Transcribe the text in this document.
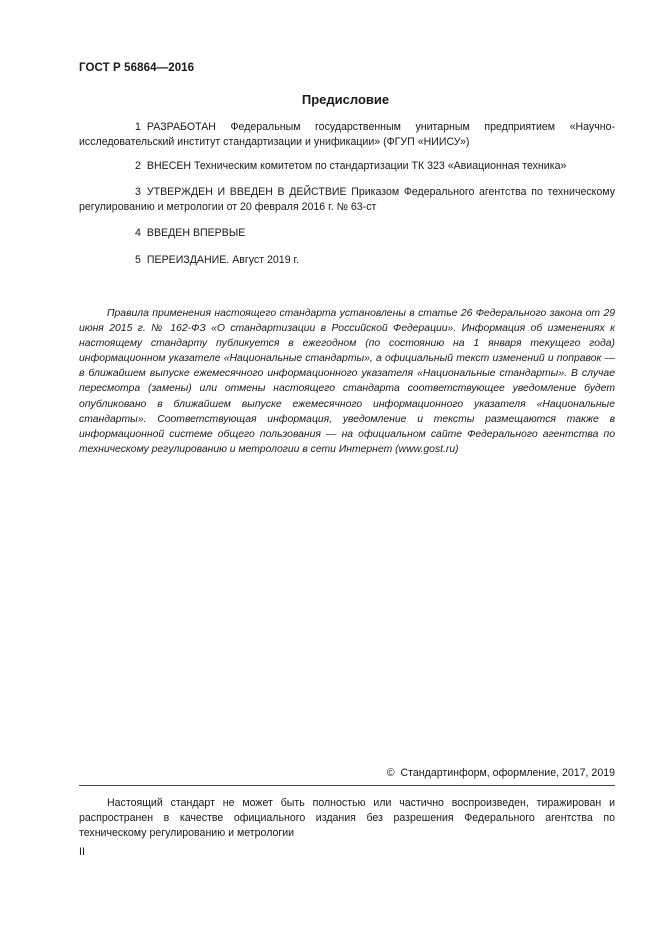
ГОСТ Р 56864—2016
Предисловие
1 РАЗРАБОТАН Федеральным государственным унитарным предприятием «Научно-исследовательский институт стандартизации и унификации» (ФГУП «НИИСУ»)
2 ВНЕСЕН Техническим комитетом по стандартизации ТК 323 «Авиационная техника»
3 УТВЕРЖДЕН И ВВЕДЕН В ДЕЙСТВИЕ Приказом Федерального агентства по техническому регулированию и метрологии от 20 февраля 2016 г. № 63-ст
4 ВВЕДЕН ВПЕРВЫЕ
5 ПЕРЕИЗДАНИЕ. Август 2019 г.
Правила применения настоящего стандарта установлены в статье 26 Федерального закона от 29 июня 2015 г. № 162-ФЗ «О стандартизации в Российской Федерации». Информация об изменениях к настоящему стандарту публикуется в ежегодном (по состоянию на 1 января текущего года) информационном указателе «Национальные стандарты», а официальный текст изменений и поправок — в ближайшем выпуске ежемесячного информационного указателя «Национальные стандарты». В случае пересмотра (замены) или отмены настоящего стандарта соответствующее уведомление будет опубликовано в ближайшем выпуске ежемесячного информационного указателя «Национальные стандарты». Соответствующая информация, уведомление и тексты размещаются также в информационной системе общего пользования — на официальном сайте Федерального агентства по техническому регулированию и метрологии в сети Интернет (www.gost.ru)
© Стандартинформ, оформление, 2017, 2019
Настоящий стандарт не может быть полностью или частично воспроизведен, тиражирован и распространен в качестве официального издания без разрешения Федерального агентства по техническому регулированию и метрологии
II
